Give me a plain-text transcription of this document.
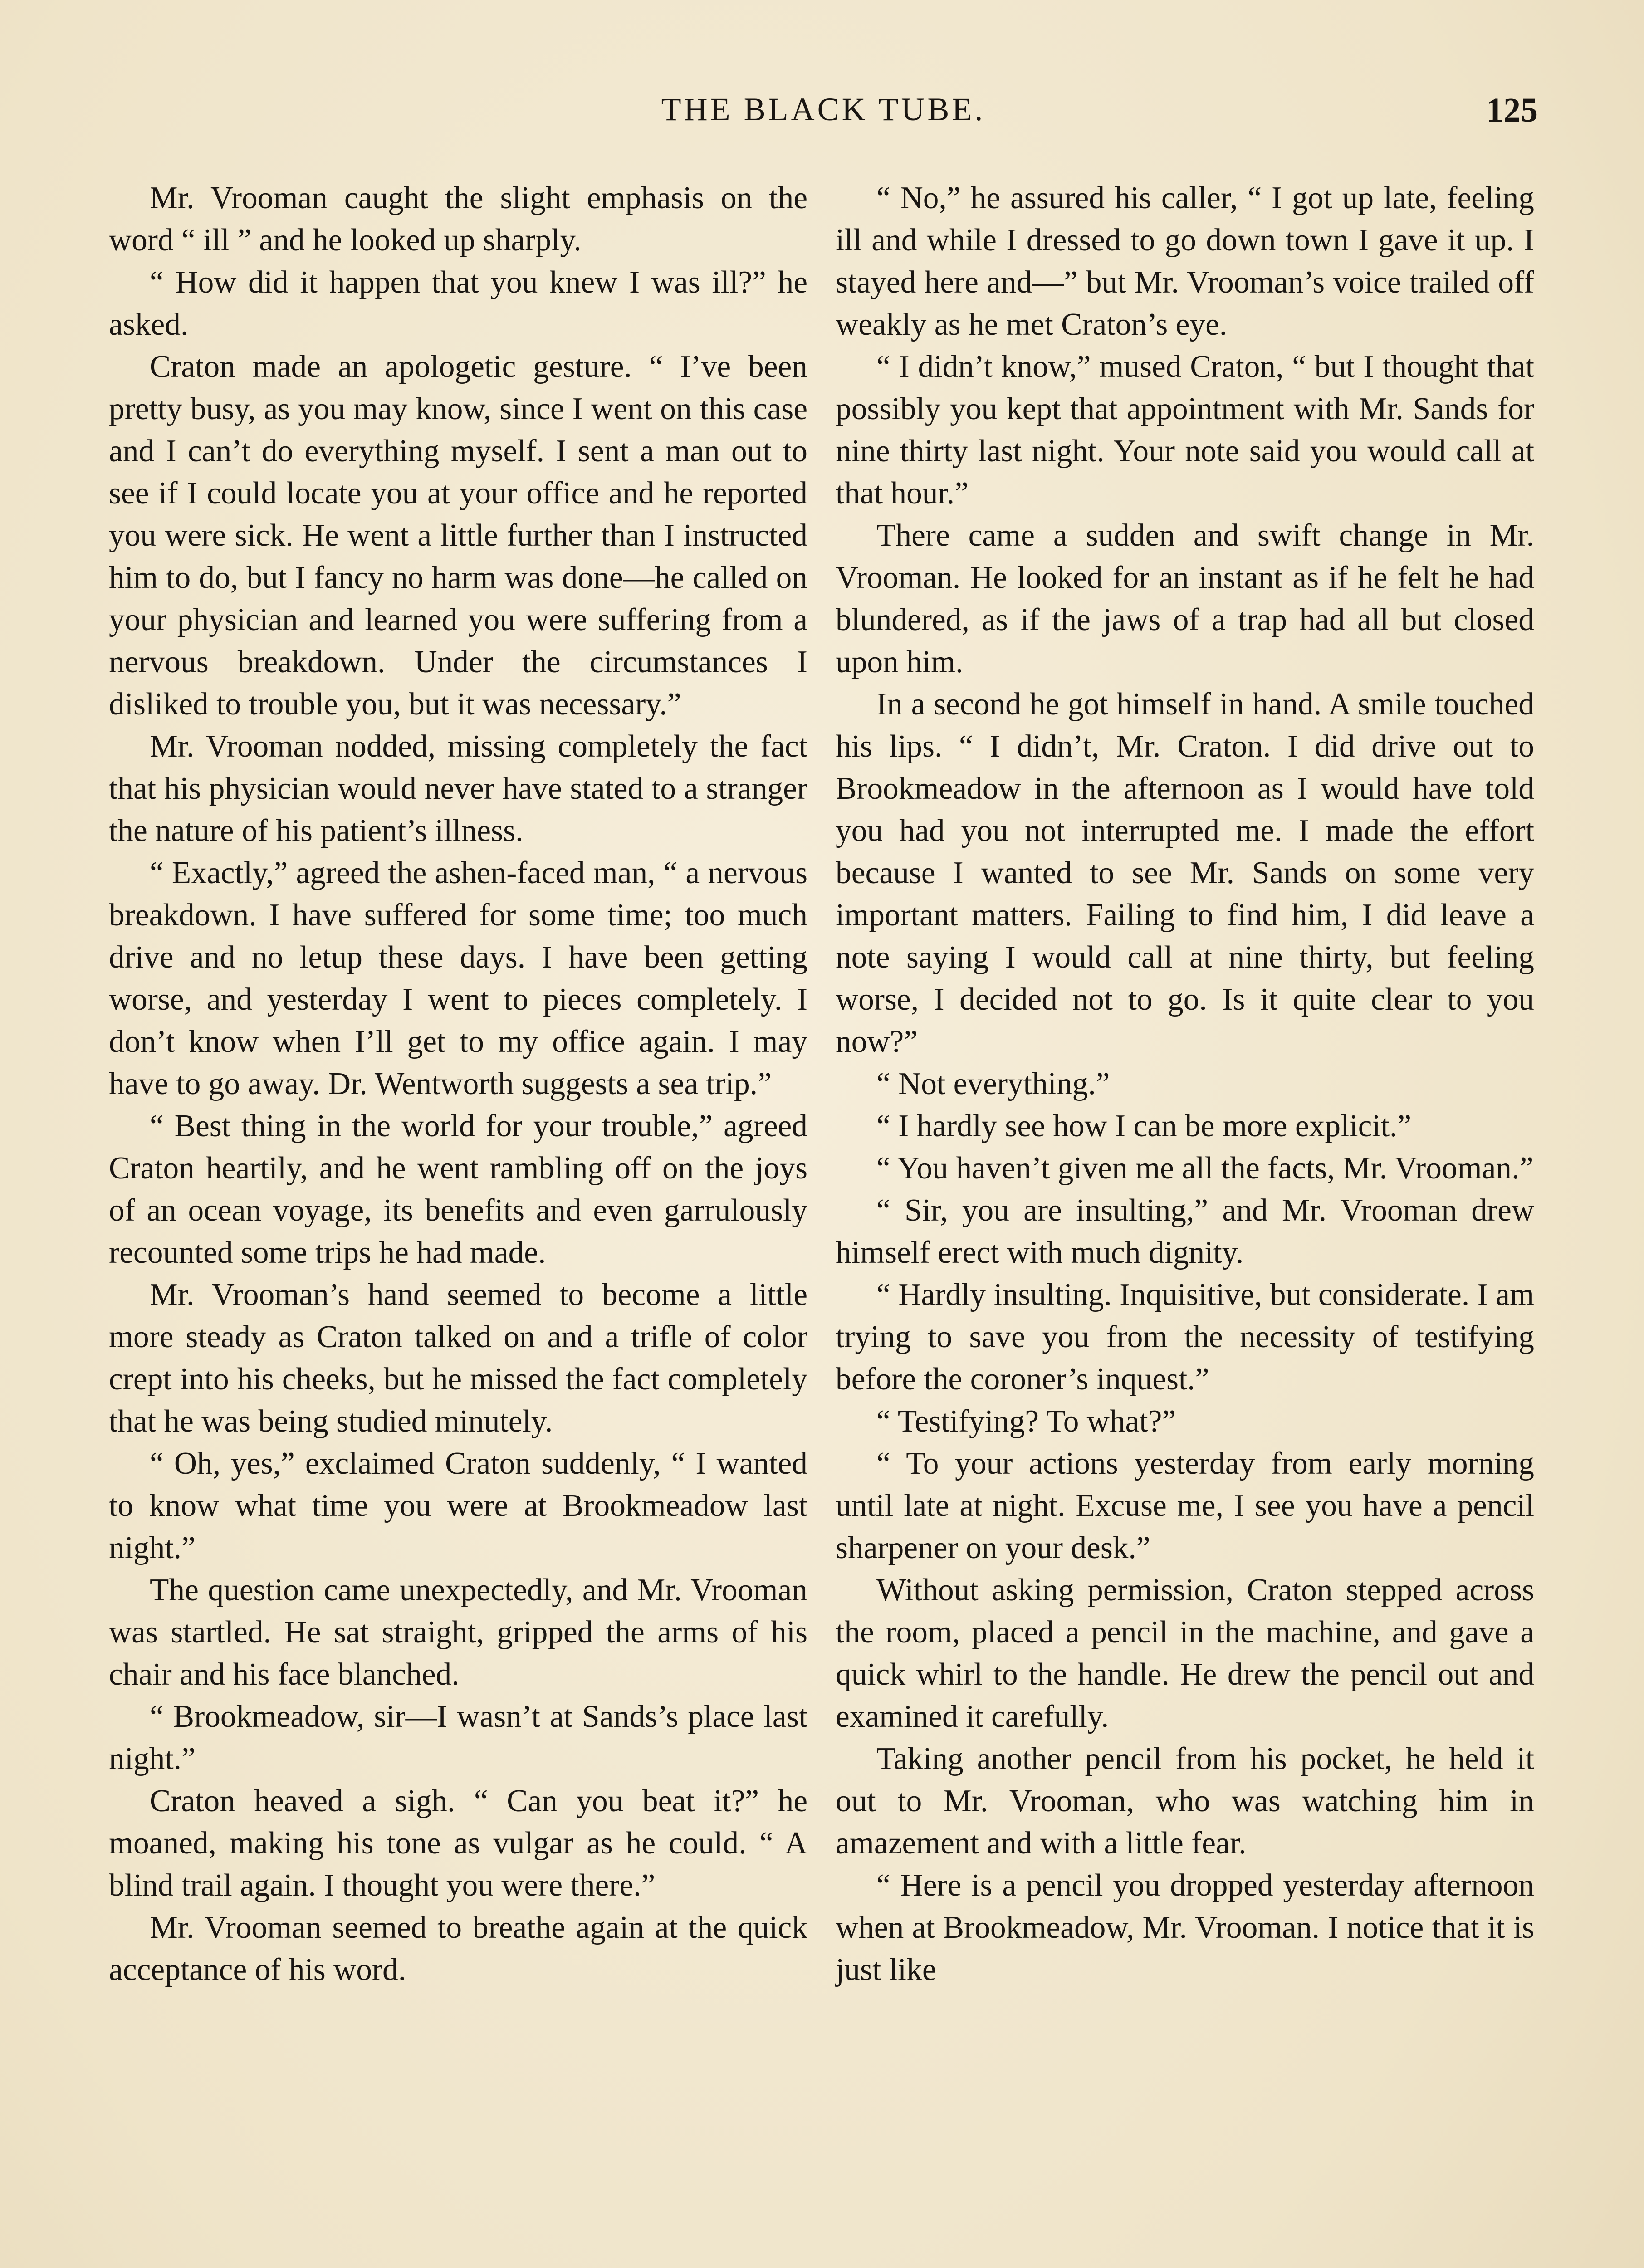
THE BLACK TUBE.	125

Mr. Vrooman caught the slight emphasis on the word “ ill ” and he looked up sharply.

“ How did it happen that you knew I was ill?” he asked.

Craton made an apologetic gesture. “ I’ve been pretty busy, as you may know, since I went on this case and I can’t do everything myself. I sent a man out to see if I could locate you at your office and he reported you were sick. He went a little further than I instructed him to do, but I fancy no harm was done—he called on your physician and learned you were suffering from a nervous breakdown. Under the circumstances I disliked to trouble you, but it was necessary.”

Mr. Vrooman nodded, missing completely the fact that his physician would never have stated to a stranger the nature of his patient’s illness.

“ Exactly,” agreed the ashen-faced man, “ a nervous breakdown. I have suffered for some time; too much drive and no letup these days. I have been getting worse, and yesterday I went to pieces completely. I don’t know when I’ll get to my office again. I may have to go away. Dr. Wentworth suggests a sea trip.”

“ Best thing in the world for your trouble,” agreed Craton heartily, and he went rambling off on the joys of an ocean voyage, its benefits and even garrulously recounted some trips he had made.

Mr. Vrooman’s hand seemed to become a little more steady as Craton talked on and a trifle of color crept into his cheeks, but he missed the fact completely that he was being studied minutely.

“ Oh, yes,” exclaimed Craton suddenly, “ I wanted to know what time you were at Brookmeadow last night.”

The question came unexpectedly, and Mr. Vrooman was startled. He sat straight, gripped the arms of his chair and his face blanched.

“ Brookmeadow, sir—I wasn’t at Sands’s place last night.”

Craton heaved a sigh. “ Can you beat it?” he moaned, making his tone as vulgar as he could. “ A blind trail again. I thought you were there.”

Mr. Vrooman seemed to breathe again at the quick acceptance of his word.

“ No,” he assured his caller, “ I got up late, feeling ill and while I dressed to go down town I gave it up. I stayed here and—” but Mr. Vrooman’s voice trailed off weakly as he met Craton’s eye.

“ I didn’t know,” mused Craton, “ but I thought that possibly you kept that appointment with Mr. Sands for nine thirty last night. Your note said you would call at that hour.”

There came a sudden and swift change in Mr. Vrooman. He looked for an instant as if he felt he had blundered, as if the jaws of a trap had all but closed upon him.

In a second he got himself in hand. A smile touched his lips. “ I didn’t, Mr. Craton. I did drive out to Brookmeadow in the afternoon as I would have told you had you not interrupted me. I made the effort because I wanted to see Mr. Sands on some very important matters. Failing to find him, I did leave a note saying I would call at nine thirty, but feeling worse, I decided not to go. Is it quite clear to you now?”

“ Not everything.”

“ I hardly see how I can be more explicit.”

“ You haven’t given me all the facts, Mr. Vrooman.”

“ Sir, you are insulting,” and Mr. Vrooman drew himself erect with much dignity.

“ Hardly insulting. Inquisitive, but considerate. I am trying to save you from the necessity of testifying before the coroner’s inquest.”

“ Testifying? To what?”

“ To your actions yesterday from early morning until late at night. Excuse me, I see you have a pencil sharpener on your desk.”

Without asking permission, Craton stepped across the room, placed a pencil in the machine, and gave a quick whirl to the handle. He drew the pencil out and examined it carefully.

Taking another pencil from his pocket, he held it out to Mr. Vrooman, who was watching him in amazement and with a little fear.

“ Here is a pencil you dropped yesterday afternoon when at Brookmeadow, Mr. Vrooman. I notice that it is just like
